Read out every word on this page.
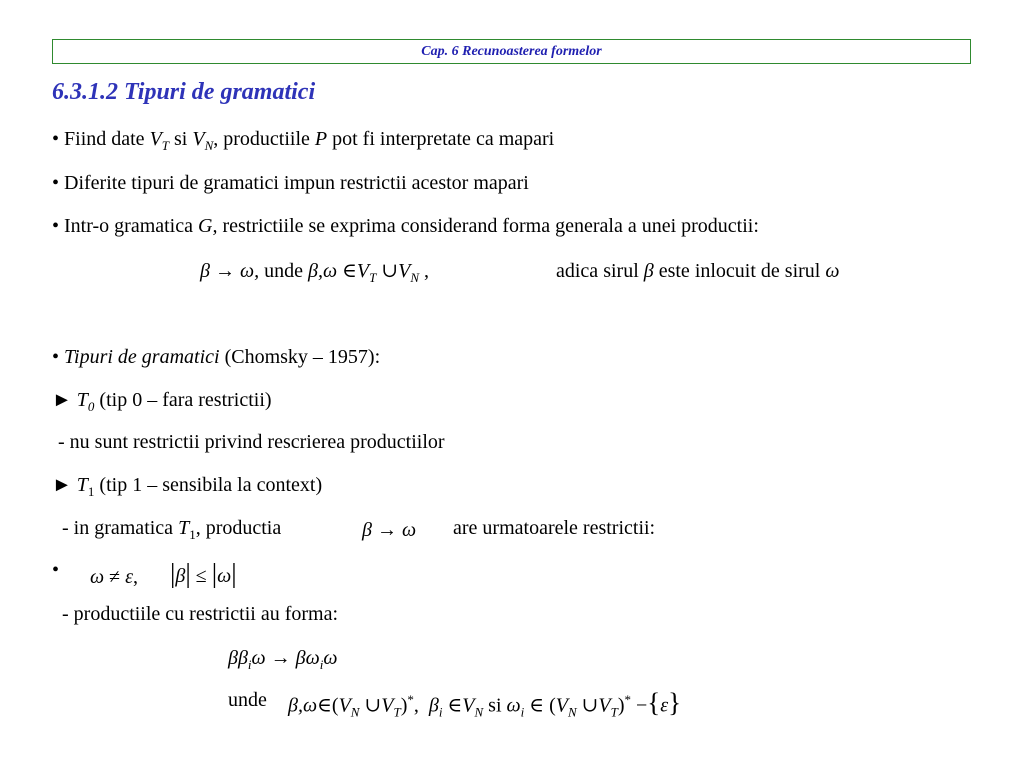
Cap. 6 Recunoasterea formelor
6.3.1.2 Tipuri de gramatici
• Fiind date $V_T$ si $V_N$, productiile P pot fi interpretate ca mapari
• Diferite tipuri de gramatici impun restrictii acestor mapari
• Intr-o gramatica G, restrictiile se exprima considerand forma generala a unei productii:
β → ω, unde β,ω $\in V_T$ $\cup V_N$ ,	adica sirul β este inlocuit de sirul ω
• Tipuri de gramatici (Chomsky – 1957):
► $T_0$ (tip 0 – fara restrictii)
- nu sunt restrictii privind rescrierea productiilor
► $T_1$ (tip 1 – sensibila la context)
- in gramatica $T_1$, productia	β → ω are urmatoarele restrictii:
• ω ≠ ε, |β| ≤ |ω|
- productiile cu restrictii au forma:
$\beta\beta_i\omega \to \beta\omega_i\omega$
unde $\beta,\omega\in(V_N$ $\cup V_T)^*$, $\beta_i$ $\in V_N$ si $\omega_i$ ∈ ($V_N$ $\cup V_T)^* -\{\varepsilon\}$
